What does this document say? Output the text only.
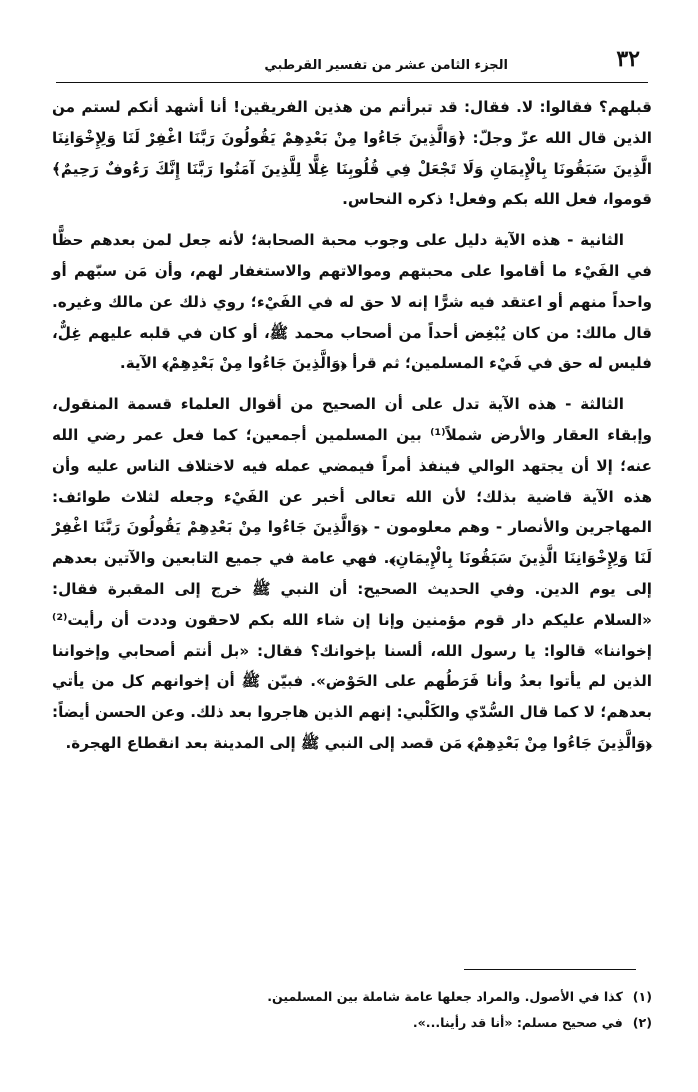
٣٢
الجزء الثامن عشر من تفسير القرطبي

قبلهم؟ فقالوا: لا. فقال: قد تبرأتم من هذين الفريقين! أنا أشهد أنكم لستم من الذين قال الله عزّ وجلّ: ﴿وَالَّذِينَ جَاءُوا مِنْ بَعْدِهِمْ يَقُولُونَ رَبَّنَا اغْفِرْ لَنَا وَلِإِخْوَانِنَا الَّذِينَ سَبَقُونَا بِالْإِيمَانِ وَلَا تَجْعَلْ فِي قُلُوبِنَا غِلًّا لِلَّذِينَ آمَنُوا رَبَّنَا إِنَّكَ رَءُوفٌ رَحِيمٌ﴾ قوموا، فعل الله بكم وفعل! ذكره النحاس.

الثانية - هذه الآية دليل على وجوب محبة الصحابة؛ لأنه جعل لمن بعدهم حظًّا في الفَيْء ما أقاموا على محبتهم وموالاتهم والاستغفار لهم، وأن مَن سبّهم أو واحداً منهم أو اعتقد فيه شرًّا إنه لا حق له في الفَيْء؛ روي ذلك عن مالك وغيره. قال مالك: من كان يُبْغِض أحداً من أصحاب محمد ﷺ، أو كان في قلبه عليهم غِلٌّ، فليس له حق في فَيْء المسلمين؛ ثم قرأ ﴿وَالَّذِينَ جَاءُوا مِنْ بَعْدِهِمْ﴾ الآية.

الثالثة - هذه الآية تدل على أن الصحيح من أقوال العلماء قسمة المنقول، وإبقاء العقار والأرض شملاً⁽¹⁾ بين المسلمين أجمعين؛ كما فعل عمر رضي الله عنه؛ إلا أن يجتهد الوالي فينفذ أمراً فيمضي عمله فيه لاختلاف الناس عليه وأن هذه الآية قاضية بذلك؛ لأن الله تعالى أخبر عن الفَيْء وجعله لثلاث طوائف: المهاجرين والأنصار - وهم معلومون - ﴿وَالَّذِينَ جَاءُوا مِنْ بَعْدِهِمْ يَقُولُونَ رَبَّنَا اغْفِرْ لَنَا وَلِإِخْوَانِنَا الَّذِينَ سَبَقُونَا بِالْإِيمَانِ﴾. فهي عامة في جميع التابعين والآتين بعدهم إلى يوم الدين. وفي الحديث الصحيح: أن النبي ﷺ خرج إلى المقبرة فقال: «السلام عليكم دار قوم مؤمنين وإنا إن شاء الله بكم لاحقون وددت أن رأيت⁽²⁾ إخواننا» قالوا: يا رسول الله، ألسنا بإخوانك؟ فقال: «بل أنتم أصحابي وإخواننا الذين لم يأتوا بعدُ وأنا فَرَطُهم على الحَوْض». فبيّن ﷺ أن إخوانهم كل من يأتي بعدهم؛ لا كما قال السُّدّي والكَلْبي: إنهم الذين هاجروا بعد ذلك. وعن الحسن أيضاً: ﴿وَالَّذِينَ جَاءُوا مِنْ بَعْدِهِمْ﴾ مَن قصد إلى النبي ﷺ إلى المدينة بعد انقطاع الهجرة.

(١)كذا في الأصول. والمراد جعلها عامة شاملة بين المسلمين.
(٢)في صحيح مسلم: «أنا قد رأينا...».
